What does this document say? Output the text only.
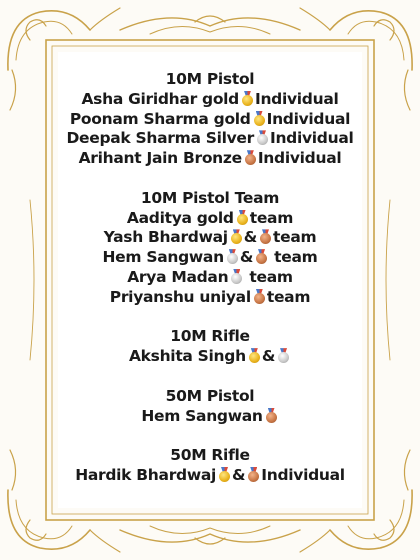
10M Pistol
Asha Giridhar gold Individual
Poonam Sharma gold Individual
Deepak Sharma Silver Individual
Arihant Jain Bronze Individual
10M Pistol Team
Aaditya gold team
Yash Bhardwaj & team
Hem Sangwan & team
Arya Madan team
Priyanshu uniyal team
10M Rifle
Akshita Singh &
50M Pistol
Hem Sangwan
50M Rifle
Hardik Bhardwaj & Individual
